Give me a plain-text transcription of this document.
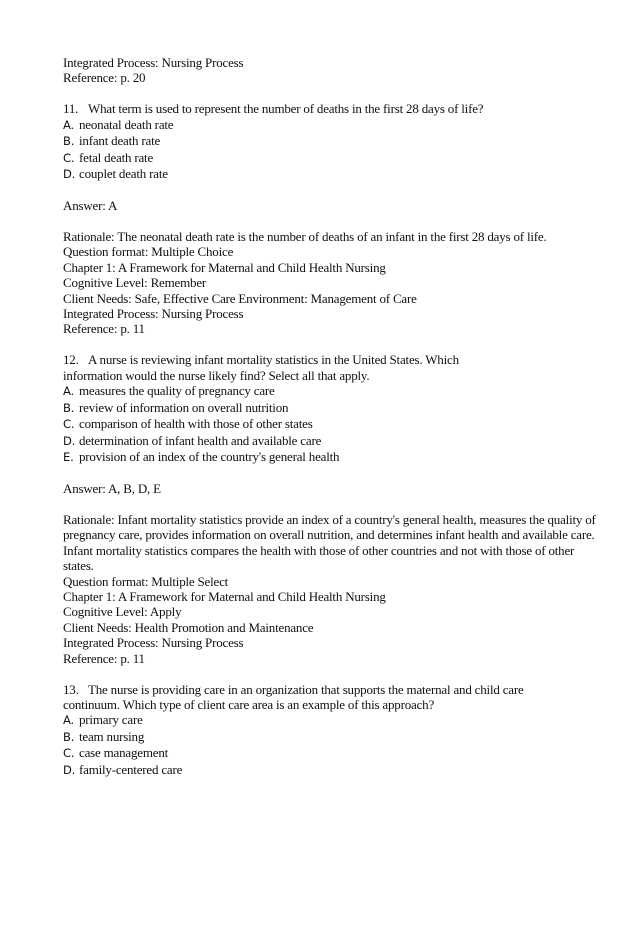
Integrated Process: Nursing Process
Reference: p. 20
11. What term is used to represent the number of deaths in the first 28 days of life?
A. neonatal death rate
B. infant death rate
C. fetal death rate
D. couplet death rate
Answer: A
Rationale: The neonatal death rate is the number of deaths of an infant in the first 28 days of life.
Question format: Multiple Choice
Chapter 1: A Framework for Maternal and Child Health Nursing
Cognitive Level: Remember
Client Needs: Safe, Effective Care Environment: Management of Care
Integrated Process: Nursing Process
Reference: p. 11
12. A nurse is reviewing infant mortality statistics in the United States. Which
information would the nurse likely find? Select all that apply.
A. measures the quality of pregnancy care
B. review of information on overall nutrition
C. comparison of health with those of other states
D. determination of infant health and available care
E. provision of an index of the country's general health
Answer: A, B, D, E
Rationale: Infant mortality statistics provide an index of a country's general health, measures the quality of pregnancy care, provides information on overall nutrition, and determines infant health and available care. Infant mortality statistics compares the health with those of other countries and not with those of other states.
Question format: Multiple Select
Chapter 1: A Framework for Maternal and Child Health Nursing
Cognitive Level: Apply
Client Needs: Health Promotion and Maintenance
Integrated Process: Nursing Process
Reference: p. 11
13. The nurse is providing care in an organization that supports the maternal and child care
continuum. Which type of client care area is an example of this approach?
A. primary care
B. team nursing
C. case management
D. family-centered care
